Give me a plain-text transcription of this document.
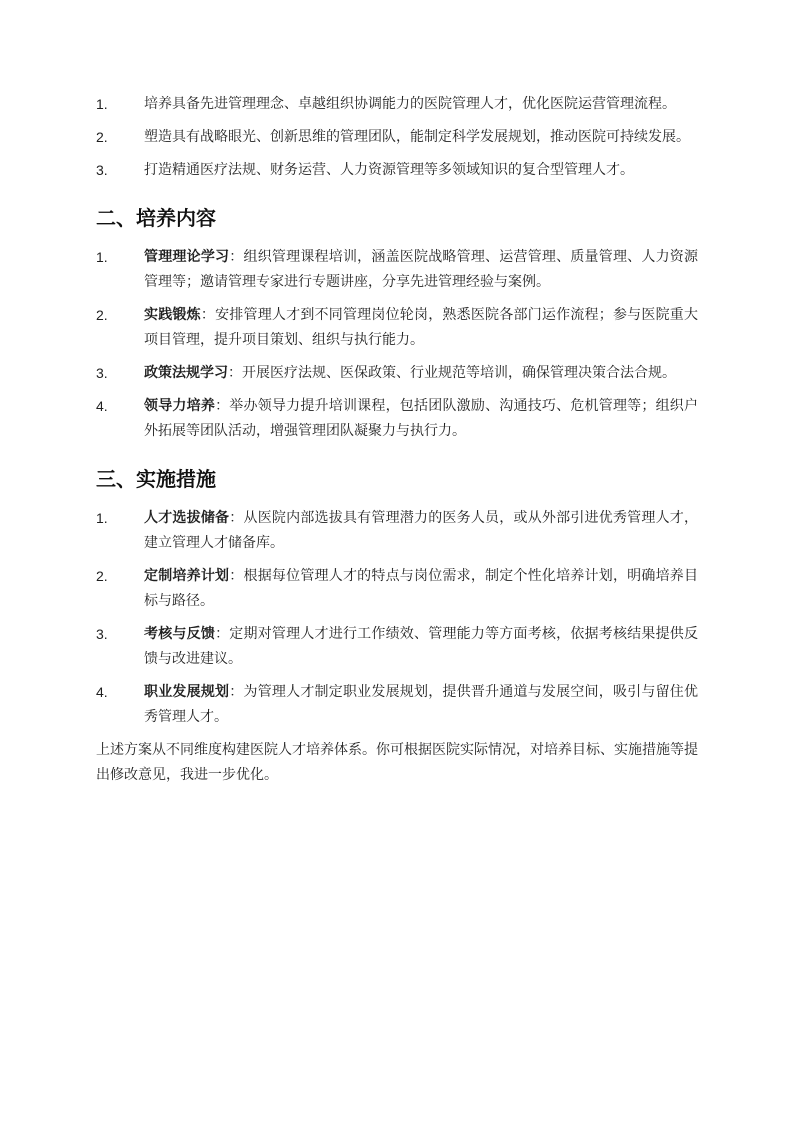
1.	培养具备先进管理理念、卓越组织协调能力的医院管理人才，优化医院运营管理流程。
2.	塑造具有战略眼光、创新思维的管理团队，能制定科学发展规划，推动医院可持续发展。
3.	打造精通医疗法规、财务运营、人力资源管理等多领域知识的复合型管理人才。
二、培养内容
1.	管理理论学习：组织管理课程培训，涵盖医院战略管理、运营管理、质量管理、人力资源管理等；邀请管理专家进行专题讲座，分享先进管理经验与案例。
2.	实践锻炼：安排管理人才到不同管理岗位轮岗，熟悉医院各部门运作流程；参与医院重大项目管理，提升项目策划、组织与执行能力。
3.	政策法规学习：开展医疗法规、医保政策、行业规范等培训，确保管理决策合法合规。
4.	领导力培养：举办领导力提升培训课程，包括团队激励、沟通技巧、危机管理等；组织户外拓展等团队活动，增强管理团队凝聚力与执行力。
三、实施措施
1.	人才选拔储备：从医院内部选拔具有管理潜力的医务人员，或从外部引进优秀管理人才，建立管理人才储备库。
2.	定制培养计划：根据每位管理人才的特点与岗位需求，制定个性化培养计划，明确培养目标与路径。
3.	考核与反馈：定期对管理人才进行工作绩效、管理能力等方面考核，依据考核结果提供反馈与改进建议。
4.	职业发展规划：为管理人才制定职业发展规划，提供晋升通道与发展空间，吸引与留住优秀管理人才。

上述方案从不同维度构建医院人才培养体系。你可根据医院实际情况，对培养目标、实施措施等提出修改意见，我进一步优化。
